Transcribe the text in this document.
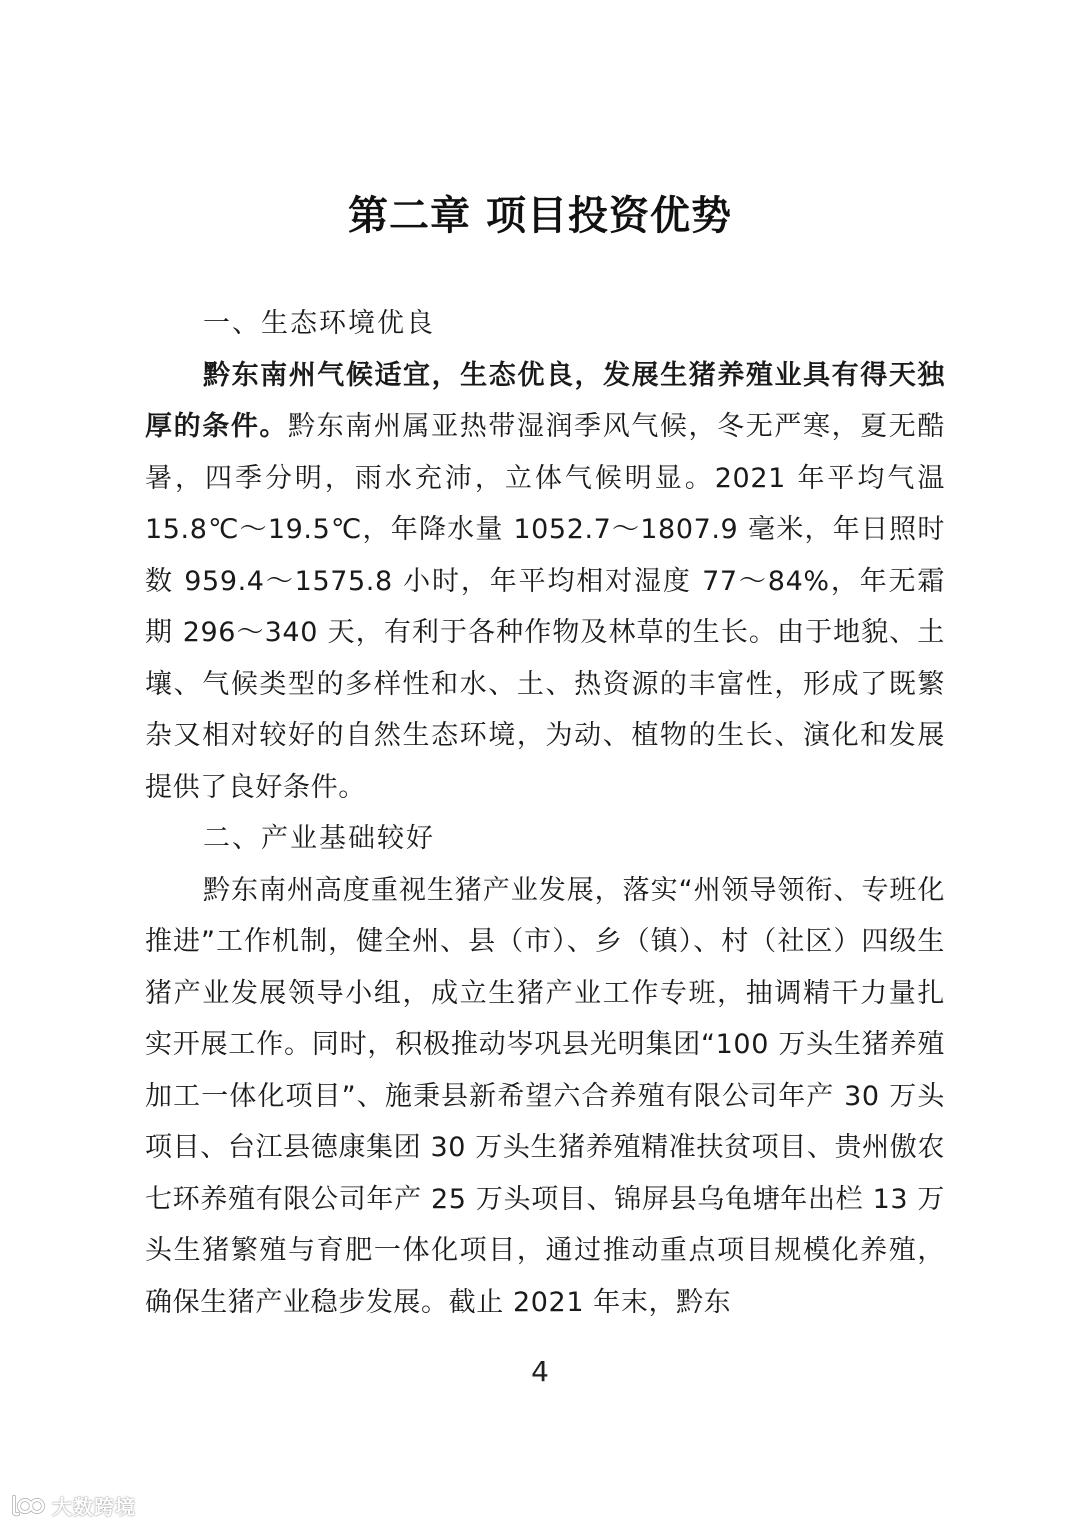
第二章 项目投资优势

一、生态环境优良

黔东南州气候适宜，生态优良，发展生猪养殖业具有得天独厚的条件。黔东南州属亚热带湿润季风气候，冬无严寒，夏无酷暑，四季分明，雨水充沛，立体气候明显。2021 年平均气温 15.8℃～19.5℃，年降水量 1052.7～1807.9 毫米，年日照时数 959.4～1575.8 小时，年平均相对湿度 77～84%，年无霜期 296～340 天，有利于各种作物及林草的生长。由于地貌、土壤、气候类型的多样性和水、土、热资源的丰富性，形成了既繁杂又相对较好的自然生态环境，为动、植物的生长、演化和发展提供了良好条件。

二、产业基础较好

黔东南州高度重视生猪产业发展，落实“州领导领衔、专班化推进”工作机制，健全州、县（市）、乡（镇）、村（社区）四级生猪产业发展领导小组，成立生猪产业工作专班，抽调精干力量扎实开展工作。同时，积极推动岑巩县光明集团“100 万头生猪养殖加工一体化项目”、施秉县新希望六合养殖有限公司年产 30 万头项目、台江县德康集团 30 万头生猪养殖精准扶贫项目、贵州傲农七环养殖有限公司年产 25 万头项目、锦屏县乌龟塘年出栏 13 万头生猪繁殖与育肥一体化项目，通过推动重点项目规模化养殖，确保生猪产业稳步发展。截止 2021 年末，黔东

4
大数跨境
